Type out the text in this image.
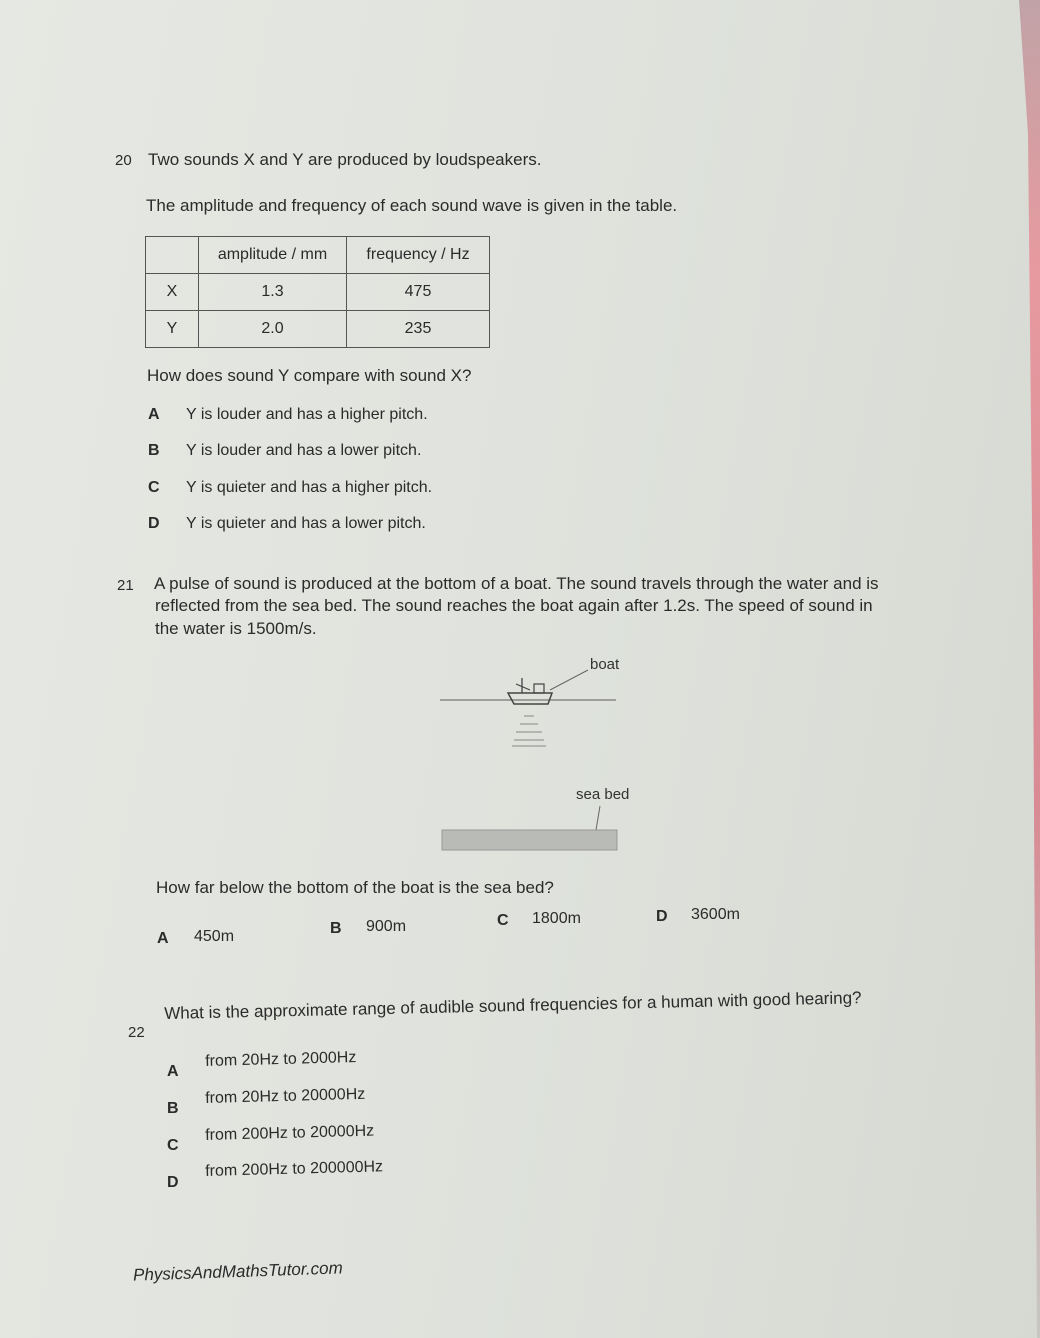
20 Two sounds X and Y are produced by loudspeakers.
The amplitude and frequency of each sound wave is given in the table.
	amplitude / mm	frequency / Hz
X	1.3	475
Y	2.0	235
How does sound Y compare with sound X?
A Y is louder and has a higher pitch.
B Y is louder and has a lower pitch.
C Y is quieter and has a higher pitch.
D Y is quieter and has a lower pitch.
21 A pulse of sound is produced at the bottom of a boat. The sound travels through the water and is
reflected from the sea bed. The sound reaches the boat again after 1.2s. The speed of sound in
the water is 1500m/s.
boat
sea bed
How far below the bottom of the boat is the sea bed?
A 450m	B 900m	C 1800m	D 3600m
22
What is the approximate range of audible sound frequencies for a human with good hearing?
A
from 20Hz to 2000Hz
B
from 20Hz to 20000Hz
C
from 200Hz to 20000Hz
D
from 200Hz to 200000Hz
PhysicsAndMathsTutor.com
